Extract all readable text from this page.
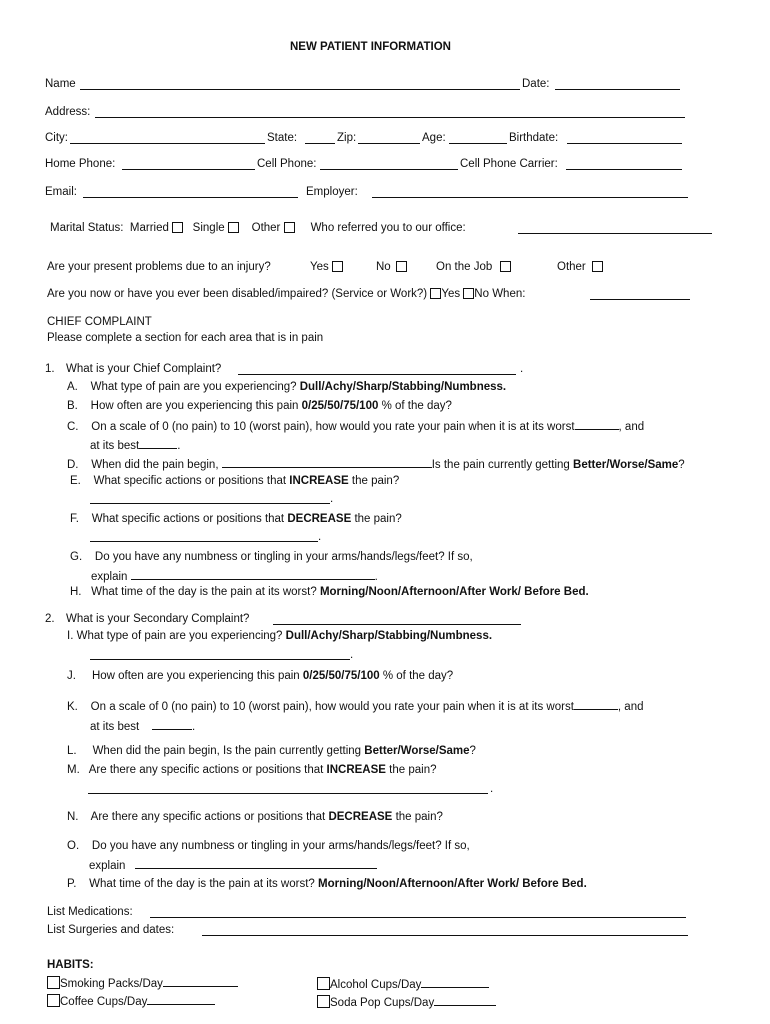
NEW PATIENT INFORMATION
Name	Date:
Address:
City:	State:	Zip:	Age:	Birthdate:
Home Phone:	Cell Phone:	Cell Phone Carrier:
Email:	Employer:
Marital Status: Married Single Other	Who referred you to our office:
Are your present problems due to an injury?	Yes	No	On the Job	Other
Are you now or have you ever been disabled/impaired? (Service or Work?) Yes No When:
CHIEF COMPLAINT
Please complete a section for each area that is in pain
1. What is your Chief Complaint?	.
A. What type of pain are you experiencing? Dull/Achy/Sharp/Stabbing/Numbness.
B. How often are you experiencing this pain 0/25/50/75/100 % of the day?
C. On a scale of 0 (no pain) to 10 (worst pain), how would you rate your pain when it is at its worst	, and
at its best	.
D. When did the pain begin,	Is the pain currently getting Better/Worse/Same?
E. What specific actions or positions that INCREASE the pain?
.
F. What specific actions or positions that DECREASE the pain?
.
G. Do you have any numbness or tingling in your arms/hands/legs/feet? If so,
explain	.
H. What time of the day is the pain at its worst? Morning/Noon/Afternoon/After Work/ Before Bed.
2. What is your Secondary Complaint?
I. What type of pain are you experiencing? Dull/Achy/Sharp/Stabbing/Numbness.
.
J. How often are you experiencing this pain 0/25/50/75/100 % of the day?
K. On a scale of 0 (no pain) to 10 (worst pain), how would you rate your pain when it is at its worst	, and
at its best	.
L. When did the pain begin, Is the pain currently getting Better/Worse/Same?
M. Are there any specific actions or positions that INCREASE the pain?
.
N. Are there any specific actions or positions that DECREASE the pain?
O. Do you have any numbness or tingling in your arms/hands/legs/feet? If so,
explain
P. What time of the day is the pain at its worst? Morning/Noon/Afternoon/After Work/ Before Bed.
List Medications:
List Surgeries and dates:
HABITS:
Smoking Packs/Day
Coffee Cups/Day
Alcohol Cups/Day
Soda Pop Cups/Day
